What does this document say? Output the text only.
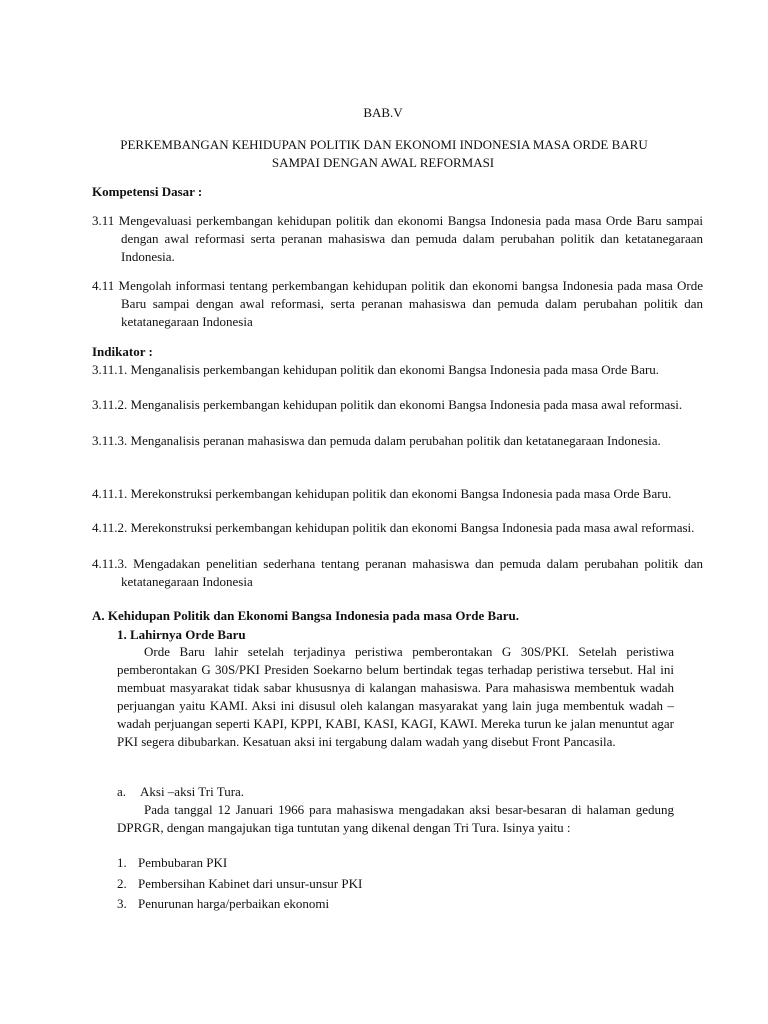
BAB.V
PERKEMBANGAN KEHIDUPAN POLITIK DAN EKONOMI INDONESIA MASA ORDE BARU
SAMPAI DENGAN AWAL REFORMASI
Kompetensi Dasar :
3.11 Mengevaluasi perkembangan kehidupan politik dan ekonomi Bangsa Indonesia pada masa Orde Baru sampai dengan awal reformasi serta peranan mahasiswa dan pemuda dalam perubahan politik dan ketatanegaraan Indonesia.
4.11 Mengolah informasi tentang perkembangan kehidupan politik dan ekonomi bangsa Indonesia pada masa Orde Baru sampai dengan awal reformasi, serta peranan mahasiswa dan pemuda dalam perubahan politik dan ketatanegaraan Indonesia
Indikator :
3.11.1. Menganalisis perkembangan kehidupan politik dan ekonomi Bangsa Indonesia pada masa Orde Baru.
3.11.2. Menganalisis perkembangan kehidupan politik dan ekonomi Bangsa Indonesia pada masa awal reformasi.
3.11.3. Menganalisis peranan mahasiswa dan pemuda dalam perubahan politik dan ketatanegaraan Indonesia.
4.11.1. Merekonstruksi perkembangan kehidupan politik dan ekonomi Bangsa Indonesia pada masa Orde Baru.
4.11.2. Merekonstruksi perkembangan kehidupan politik dan ekonomi Bangsa Indonesia pada masa awal reformasi.
4.11.3. Mengadakan penelitian sederhana tentang peranan mahasiswa dan pemuda dalam perubahan politik dan ketatanegaraan Indonesia
A. Kehidupan Politik dan Ekonomi Bangsa Indonesia pada masa Orde Baru.
1. Lahirnya Orde Baru
Orde Baru lahir setelah terjadinya peristiwa pemberontakan G 30S/PKI. Setelah peristiwa pemberontakan G 30S/PKI Presiden Soekarno belum bertindak tegas terhadap peristiwa tersebut. Hal ini membuat masyarakat tidak sabar khususnya di kalangan mahasiswa. Para mahasiswa membentuk wadah perjuangan yaitu KAMI. Aksi ini disusul oleh kalangan masyarakat yang lain juga membentuk wadah – wadah perjuangan seperti KAPI, KPPI, KABI, KASI, KAGI, KAWI. Mereka turun ke jalan menuntut agar PKI segera dibubarkan. Kesatuan aksi ini tergabung dalam wadah yang disebut Front Pancasila.
a. Aksi –aksi Tri Tura.
Pada tanggal 12 Januari 1966 para mahasiswa mengadakan aksi besar-besaran di halaman gedung DPRGR, dengan mangajukan tiga tuntutan yang dikenal dengan Tri Tura. Isinya yaitu :
1. Pembubaran PKI
2. Pembersihan Kabinet dari unsur-unsur PKI
3. Penurunan harga/perbaikan ekonomi
